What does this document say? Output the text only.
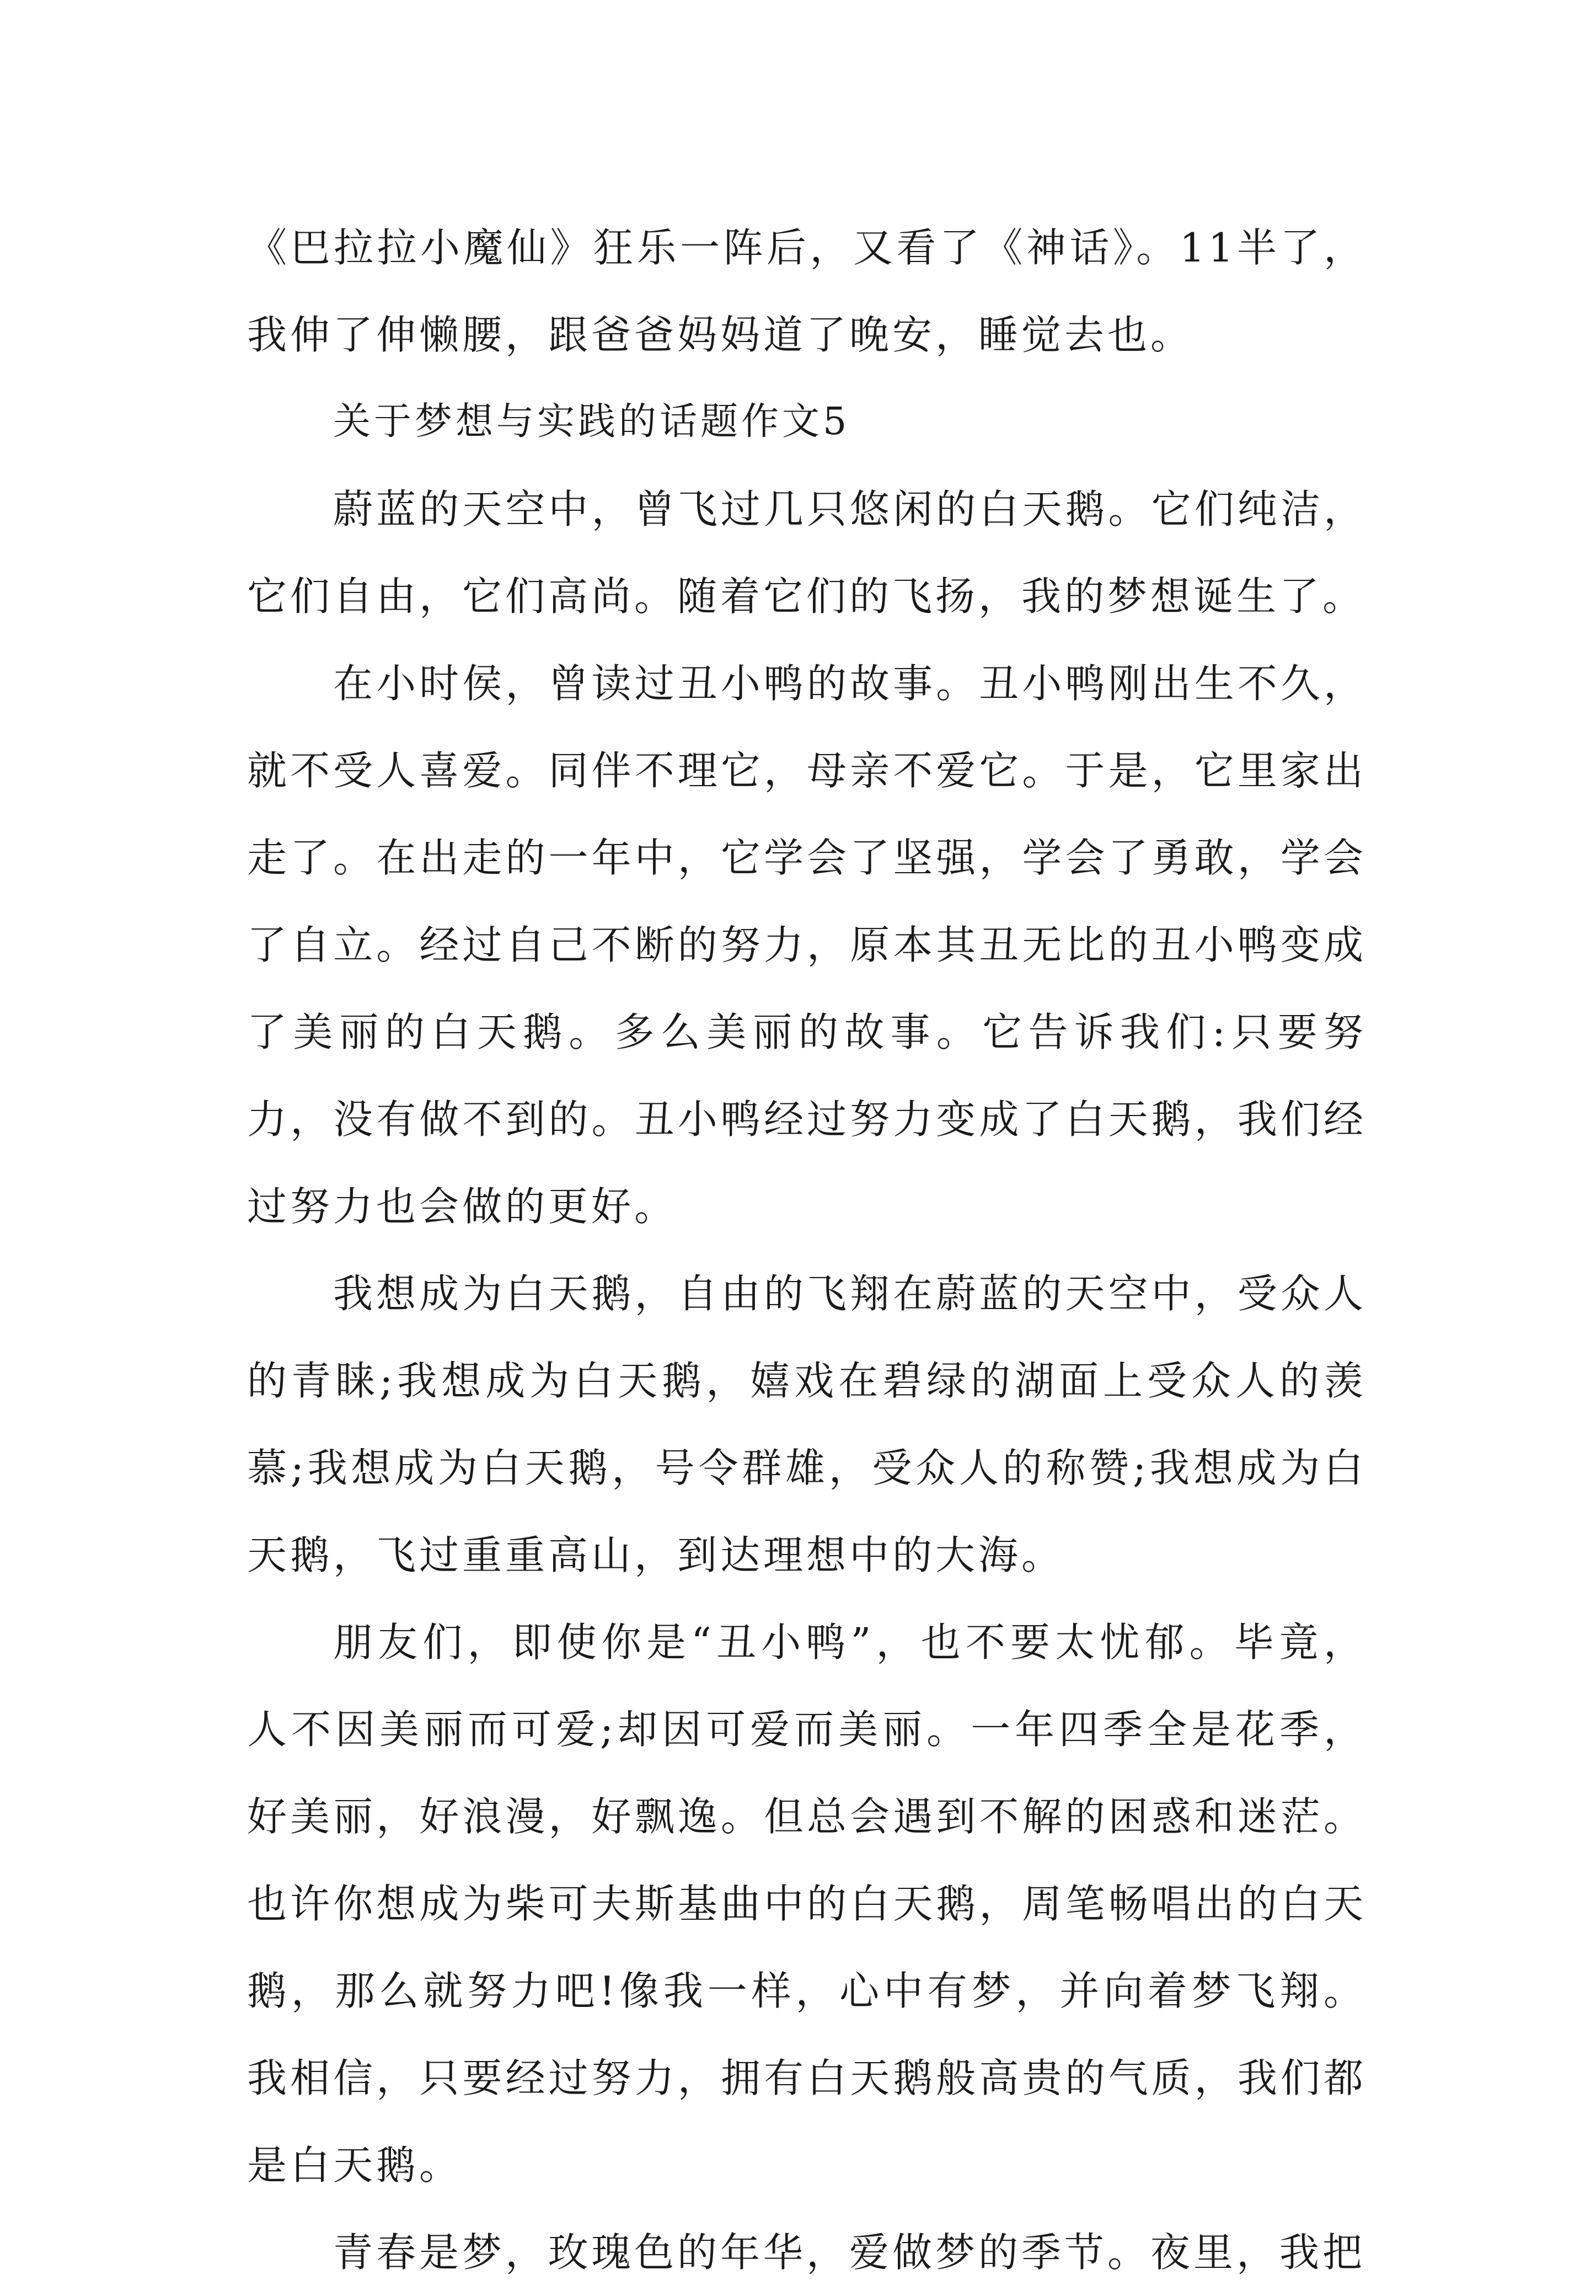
《巴拉拉小魔仙》狂乐一阵后，又看了《神话》。11半了，我伸了伸懒腰，跟爸爸妈妈道了晚安，睡觉去也。

关于梦想与实践的话题作文5

蔚蓝的天空中，曾飞过几只悠闲的白天鹅。它们纯洁，它们自由，它们高尚。随着它们的飞扬，我的梦想诞生了。

在小时侯，曾读过丑小鸭的故事。丑小鸭刚出生不久，就不受人喜爱。同伴不理它，母亲不爱它。于是，它里家出走了。在出走的一年中，它学会了坚强，学会了勇敢，学会了自立。经过自己不断的努力，原本其丑无比的丑小鸭变成了美丽的白天鹅。多么美丽的故事。它告诉我们:只要努力，没有做不到的。丑小鸭经过努力变成了白天鹅，我们经过努力也会做的更好。

我想成为白天鹅，自由的飞翔在蔚蓝的天空中，受众人的青睐;我想成为白天鹅，嬉戏在碧绿的湖面上受众人的羡慕;我想成为白天鹅，号令群雄，受众人的称赞;我想成为白天鹅，飞过重重高山，到达理想中的大海。

朋友们，即使你是“丑小鸭”，也不要太忧郁。毕竟，人不因美丽而可爱;却因可爱而美丽。一年四季全是花季，好美丽，好浪漫，好飘逸。但总会遇到不解的困惑和迷茫。也许你想成为柴可夫斯基曲中的白天鹅，周笔畅唱出的白天鹅，那么就努力吧!像我一样，心中有梦，并向着梦飞翔。我相信，只要经过努力，拥有白天鹅般高贵的气质，我们都是白天鹅。

青春是梦，玫瑰色的年华，爱做梦的季节。夜里，我把
